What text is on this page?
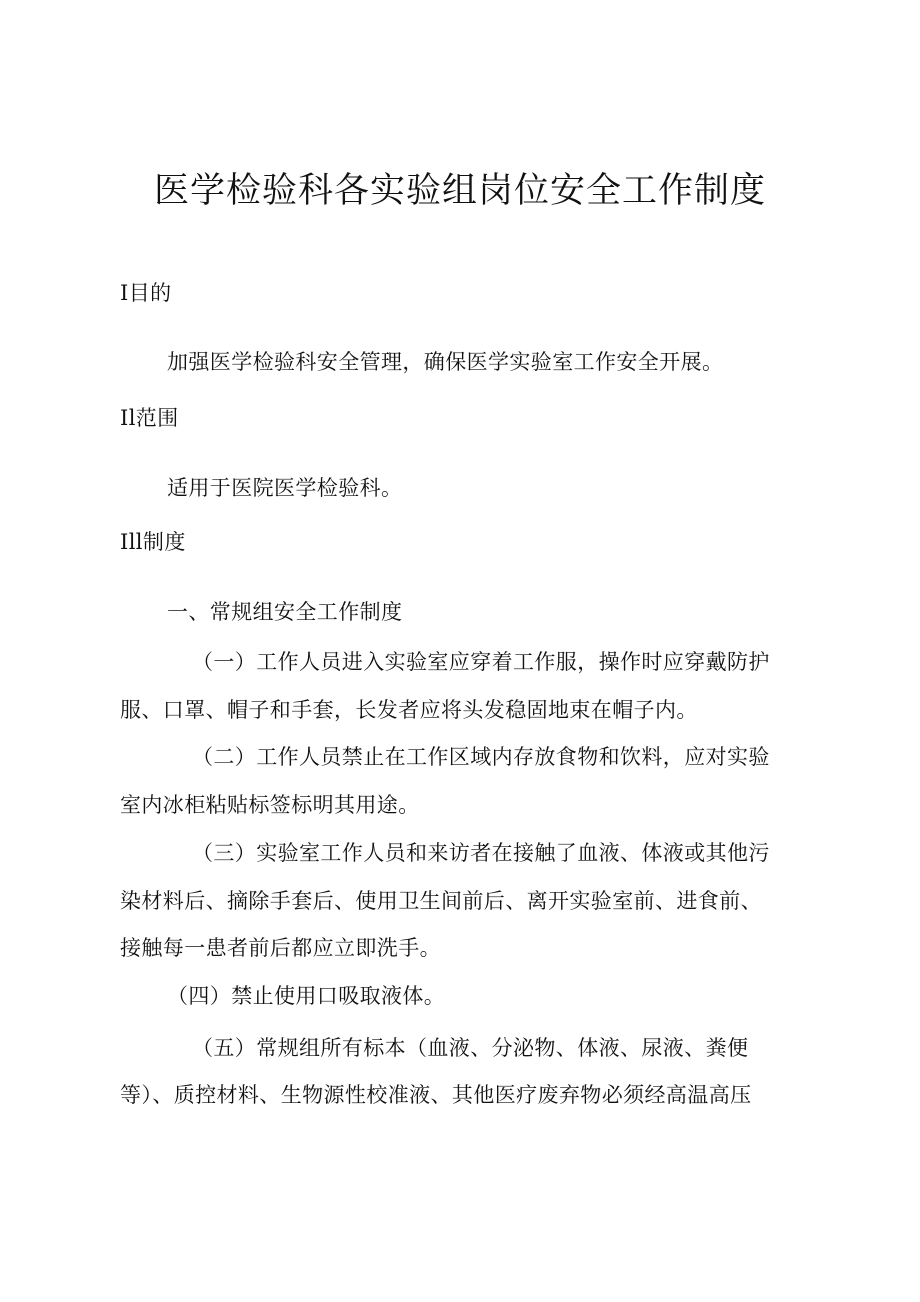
医学检验科各实验组岗位安全工作制度
I目的
加强医学检验科安全管理，确保医学实验室工作安全开展。
Il范围
适用于医院医学检验科。
Ill制度
一、常规组安全工作制度
（一）工作人员进入实验室应穿着工作服，操作时应穿戴防护
服、口罩、帽子和手套，长发者应将头发稳固地束在帽子内。
（二）工作人员禁止在工作区域内存放食物和饮料，应对实验
室内冰柜粘贴标签标明其用途。
（三）实验室工作人员和来访者在接触了血液、体液或其他污
染材料后、摘除手套后、使用卫生间前后、离开实验室前、进食前、
接触每一患者前后都应立即洗手。
（四）禁止使用口吸取液体。
（五）常规组所有标本（血液、分泌物、体液、尿液、粪便
等）、质控材料、生物源性校准液、其他医疗废弃物必须经高温高压
